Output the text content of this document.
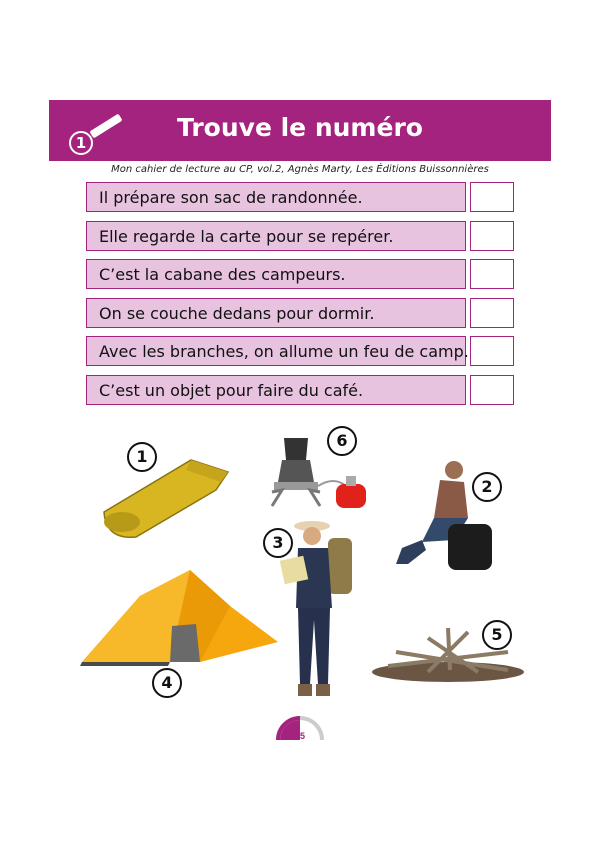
1
Trouve le numéro
Mon cahier de lecture au CP, vol.2, Agnès Marty, Les Éditions Buissonnières
Il prépare son sac de randonnée.
Elle regarde la carte pour se repérer.
C’est la cabane des campeurs.
On se couche dedans pour dormir.
Avec les branches, on allume un feu de camp.
C’est un objet pour faire du café.
1
6
2
3
4
5
15
